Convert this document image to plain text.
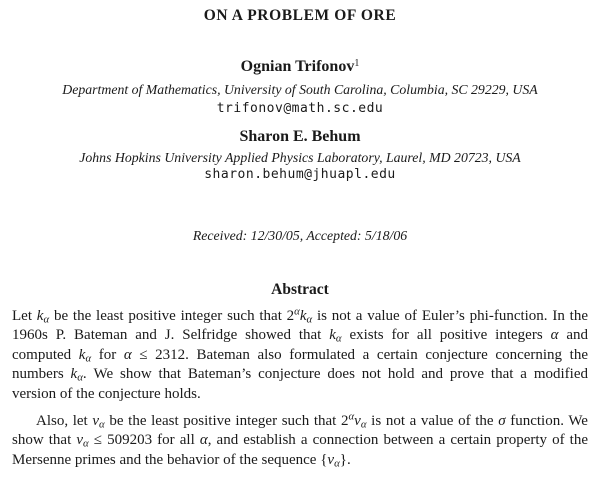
ON A PROBLEM OF ORE
Ognian Trifonov$^1$
Department of Mathematics, University of South Carolina, Columbia, SC 29229, USA
trifonov@math.sc.edu
Sharon E. Behum
Johns Hopkins University Applied Physics Laboratory, Laurel, MD 20723, USA
sharon.behum@jhuapl.edu
Received: 12/30/05, Accepted: 5/18/06
Abstract

Let $k_\alpha$ be the least positive integer such that $2^\alpha k_\alpha$ is not a value of Euler’s phi-function. In the 1960s P. Bateman and J. Selfridge showed that $k_\alpha$ exists for all positive integers α and computed $k_\alpha$ for α ≤ 2312. Bateman also formulated a certain conjecture concerning the numbers $k_\alpha$. We show that Bateman’s conjecture does not hold and prove that a modified version of the conjecture holds.

Also, let $v_\alpha$ be the least positive integer such that $2^\alpha v_\alpha$ is not a value of the σ function. We show that $v_\alpha \le 509203$ for all α, and establish a connection between a certain property of the Mersenne primes and the behavior of the sequence $\{v_\alpha\}$.
